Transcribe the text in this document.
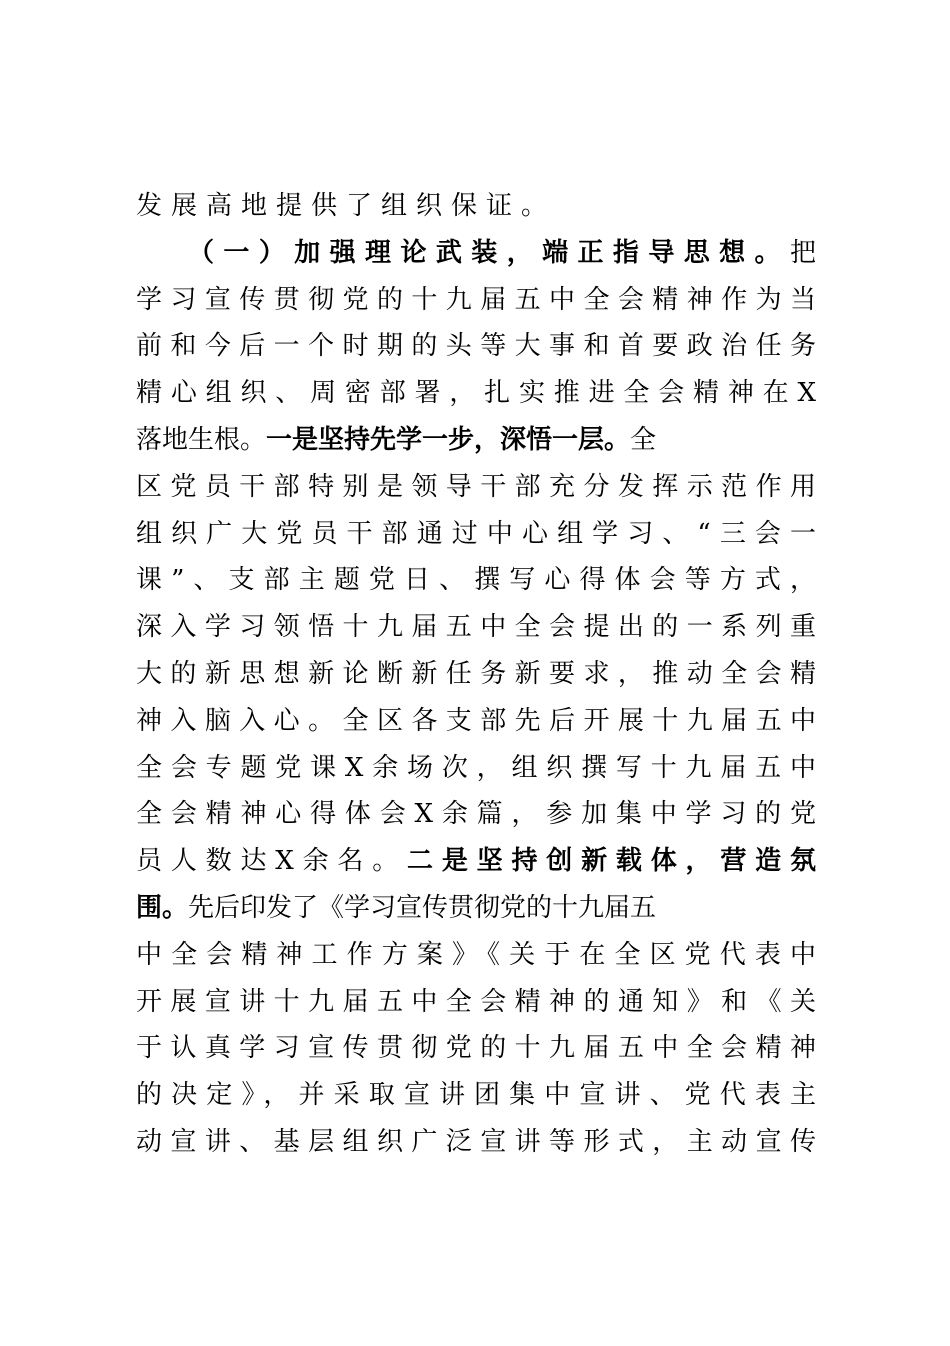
发展高地提供了组织保证。
（一）加强理论武装，端正指导思想。把
学习宣传贯彻党的十九届五中全会精神作为当
前和今后一个时期的头等大事和首要政治任务
精心组织、周密部署，扎实推进全会精神在X
落地生根。一是坚持先学一步，深悟一层。全
区党员干部特别是领导干部充分发挥示范作用
组织广大党员干部通过中心组学习、“三会一
课”、支部主题党日、撰写心得体会等方式，
深入学习领悟十九届五中全会提出的一系列重
大的新思想新论断新任务新要求，推动全会精
神入脑入心。全区各支部先后开展十九届五中
全会专题党课X余场次，组织撰写十九届五中
全会精神心得体会X余篇，参加集中学习的党
员人数达X余名。二是坚持创新载体，营造氛
围。先后印发了《学习宣传贯彻党的十九届五
中全会精神工作方案》《关于在全区党代表中
开展宣讲十九届五中全会精神的通知》和《关
于认真学习宣传贯彻党的十九届五中全会精神
的决定》，并采取宣讲团集中宣讲、党代表主
动宣讲、基层组织广泛宣讲等形式，主动宣传
